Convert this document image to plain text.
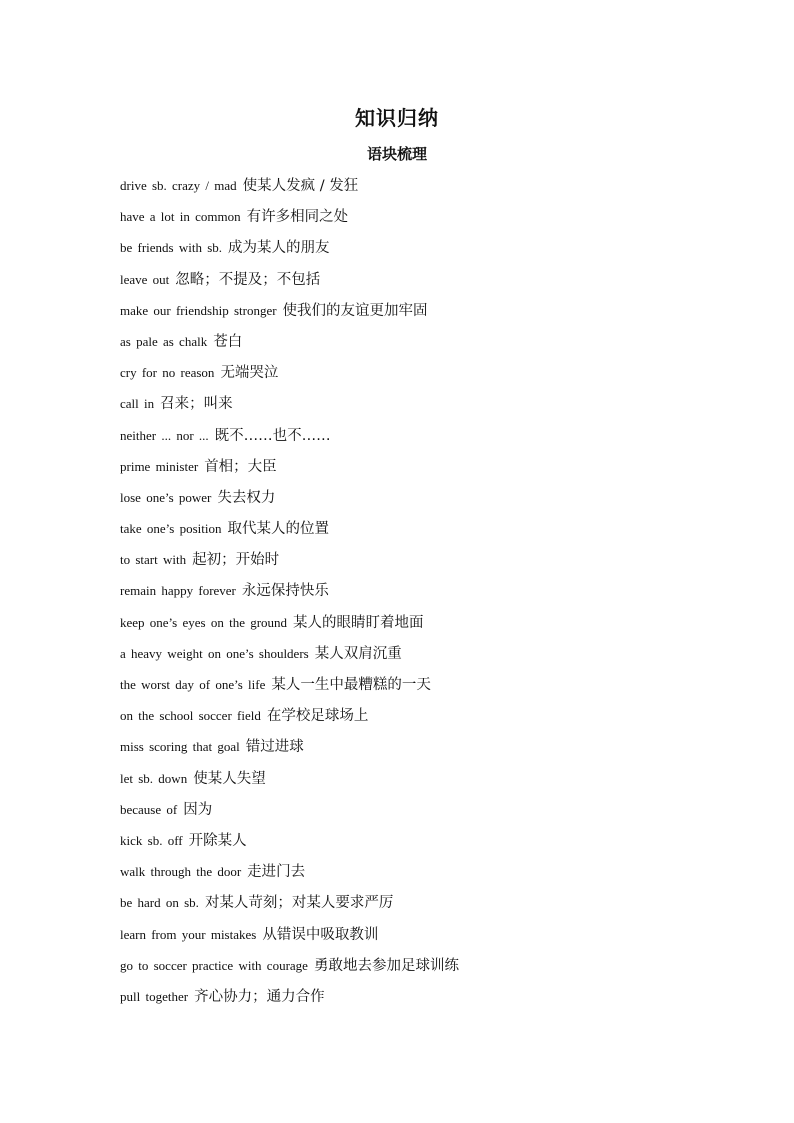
知识归纳
语块梳理
drive sb. crazy / mad 使某人发疯 / 发狂
have a lot in common 有许多相同之处
be friends with sb. 成为某人的朋友
leave out 忽略；不提及；不包括
make our friendship stronger 使我们的友谊更加牢固
as pale as chalk 苍白
cry for no reason 无端哭泣
call in 召来；叫来
neither ... nor ... 既不……也不……
prime minister 首相；大臣
lose one’s power 失去权力
take one’s position 取代某人的位置
to start with 起初；开始时
remain happy forever 永远保持快乐
keep one’s eyes on the ground 某人的眼睛盯着地面
a heavy weight on one’s shoulders 某人双肩沉重
the worst day of one’s life 某人一生中最糟糕的一天
on the school soccer field 在学校足球场上
miss scoring that goal 错过进球
let sb. down 使某人失望
because of 因为
kick sb. off 开除某人
walk through the door 走进门去
be hard on sb. 对某人苛刻；对某人要求严厉
learn from your mistakes 从错误中吸取教训
go to soccer practice with courage 勇敢地去参加足球训练
pull together 齐心协力；通力合作
